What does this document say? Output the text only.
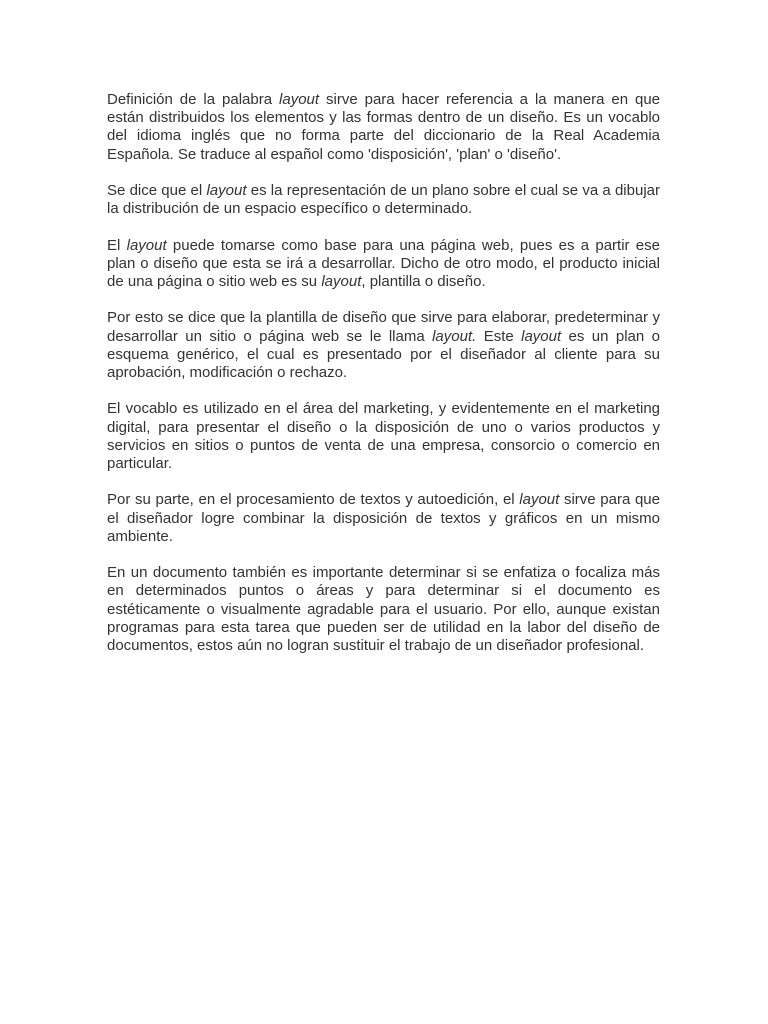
Definición de la palabra layout sirve para hacer referencia a la manera en que están distribuidos los elementos y las formas dentro de un diseño. Es un vocablo del idioma inglés que no forma parte del diccionario de la Real Academia Española. Se traduce al español como 'disposición', 'plan' o 'diseño'.

Se dice que el layout es la representación de un plano sobre el cual se va a dibujar la distribución de un espacio específico o determinado.

El layout puede tomarse como base para una página web, pues es a partir ese plan o diseño que esta se irá a desarrollar. Dicho de otro modo, el producto inicial de una página o sitio web es su layout, plantilla o diseño.

Por esto se dice que la plantilla de diseño que sirve para elaborar, predeterminar y desarrollar un sitio o página web se le llama layout. Este layout es un plan o esquema genérico, el cual es presentado por el diseñador al cliente para su aprobación, modificación o rechazo.

El vocablo es utilizado en el área del marketing, y evidentemente en el marketing digital, para presentar el diseño o la disposición de uno o varios productos y servicios en sitios o puntos de venta de una empresa, consorcio o comercio en particular.

Por su parte, en el procesamiento de textos y autoedición, el layout sirve para que el diseñador logre combinar la disposición de textos y gráficos en un mismo ambiente.

En un documento también es importante determinar si se enfatiza o focaliza más en determinados puntos o áreas y para determinar si el documento es estéticamente o visualmente agradable para el usuario. Por ello, aunque existan programas para esta tarea que pueden ser de utilidad en la labor del diseño de documentos, estos aún no logran sustituir el trabajo de un diseñador profesional.
